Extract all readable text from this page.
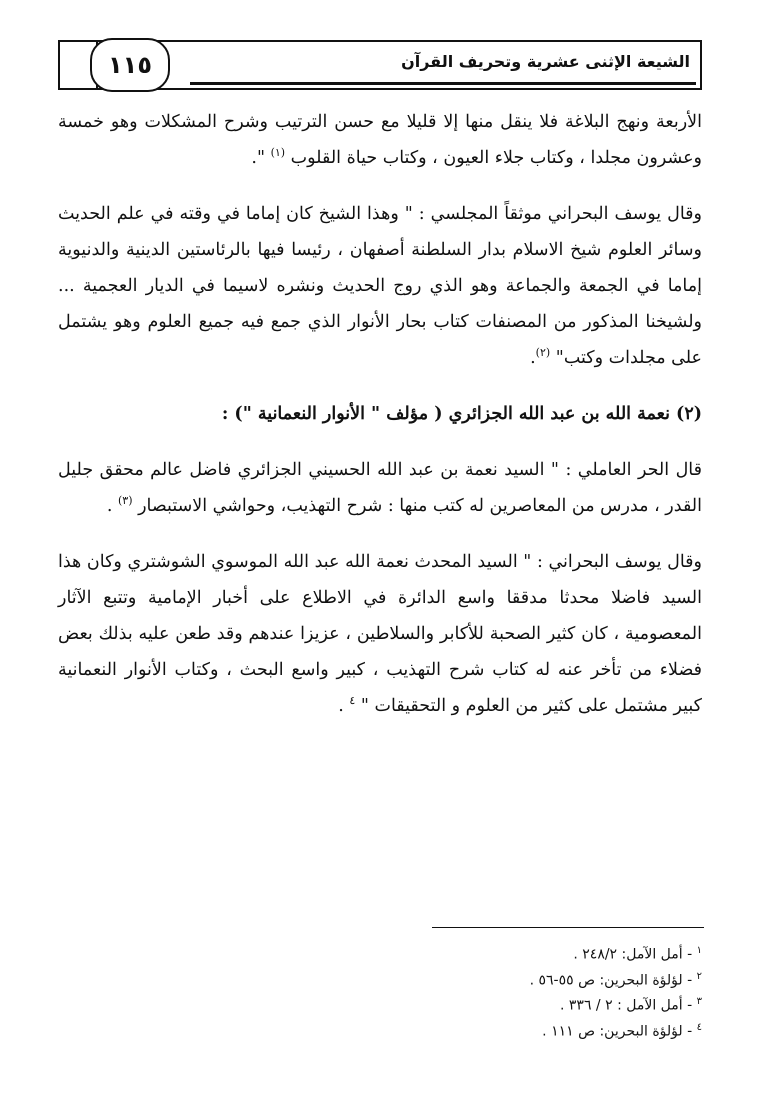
١١٥	الشيعة الإثنى عشرية وتحريف القرآن

الأربعة ونهج البلاغة فلا ينقل منها إلا قليلا مع حسن الترتيب وشرح المشكلات وهو خمسة وعشرون مجلدا ، وكتاب جلاء العيون ، وكتاب حياة القلوب $^{(١)}$ ".

وقال يوسف البحراني موثقاً المجلسي : " وهذا الشيخ كان إماما في وقته في علم الحديث وسائر العلوم شيخ الاسلام بدار السلطنة أصفهان ، رئيسا فيها بالرئاستين الدينية والدنيوية إماما في الجمعة والجماعة وهو الذي روج الحديث ونشره لاسيما في الديار العجمية ... ولشيخنا المذكور من المصنفات كتاب بحار الأنوار الذي جمع فيه جميع العلوم وهو يشتمل على مجلدات وكتب" $^{(٢)}$.

(٢) نعمة الله بن عبد الله الجزائري ( مؤلف " الأنوار النعمانية ") :

قال الحر العاملي : " السيد نعمة بن عبد الله الحسيني الجزائري فاضل عالم محقق جليل القدر ، مدرس من المعاصرين له كتب منها : شرح التهذيب، وحواشي الاستبصار $^{(٣)}$ .

وقال يوسف البحراني : " السيد المحدث نعمة الله عبد الله الموسوي الشوشتري وكان هذا السيد فاضلا محدثا مدققا واسع الدائرة في الاطلاع على أخبار الإمامية وتتبع الآثار المعصومية ، كان كثير الصحبة للأكابر والسلاطين ، عزيزا عندهم وقد طعن عليه بذلك بعض فضلاء من تأخر عنه له كتاب شرح التهذيب ، كبير واسع البحث ، وكتاب الأنوار النعمانية كبير مشتمل على كثير من العلوم و التحقيقات " $^٤$ .

$^١$ - أمل الآمل: ٢٤٨/٢ .
$^٢$ - لؤلؤة البحرين: ص ٥٥-٥٦ .
$^٣$ - أمل الآمل : ٢ / ٣٣٦ .
$^٤$ - لؤلؤة البحرين: ص ١١١ .
